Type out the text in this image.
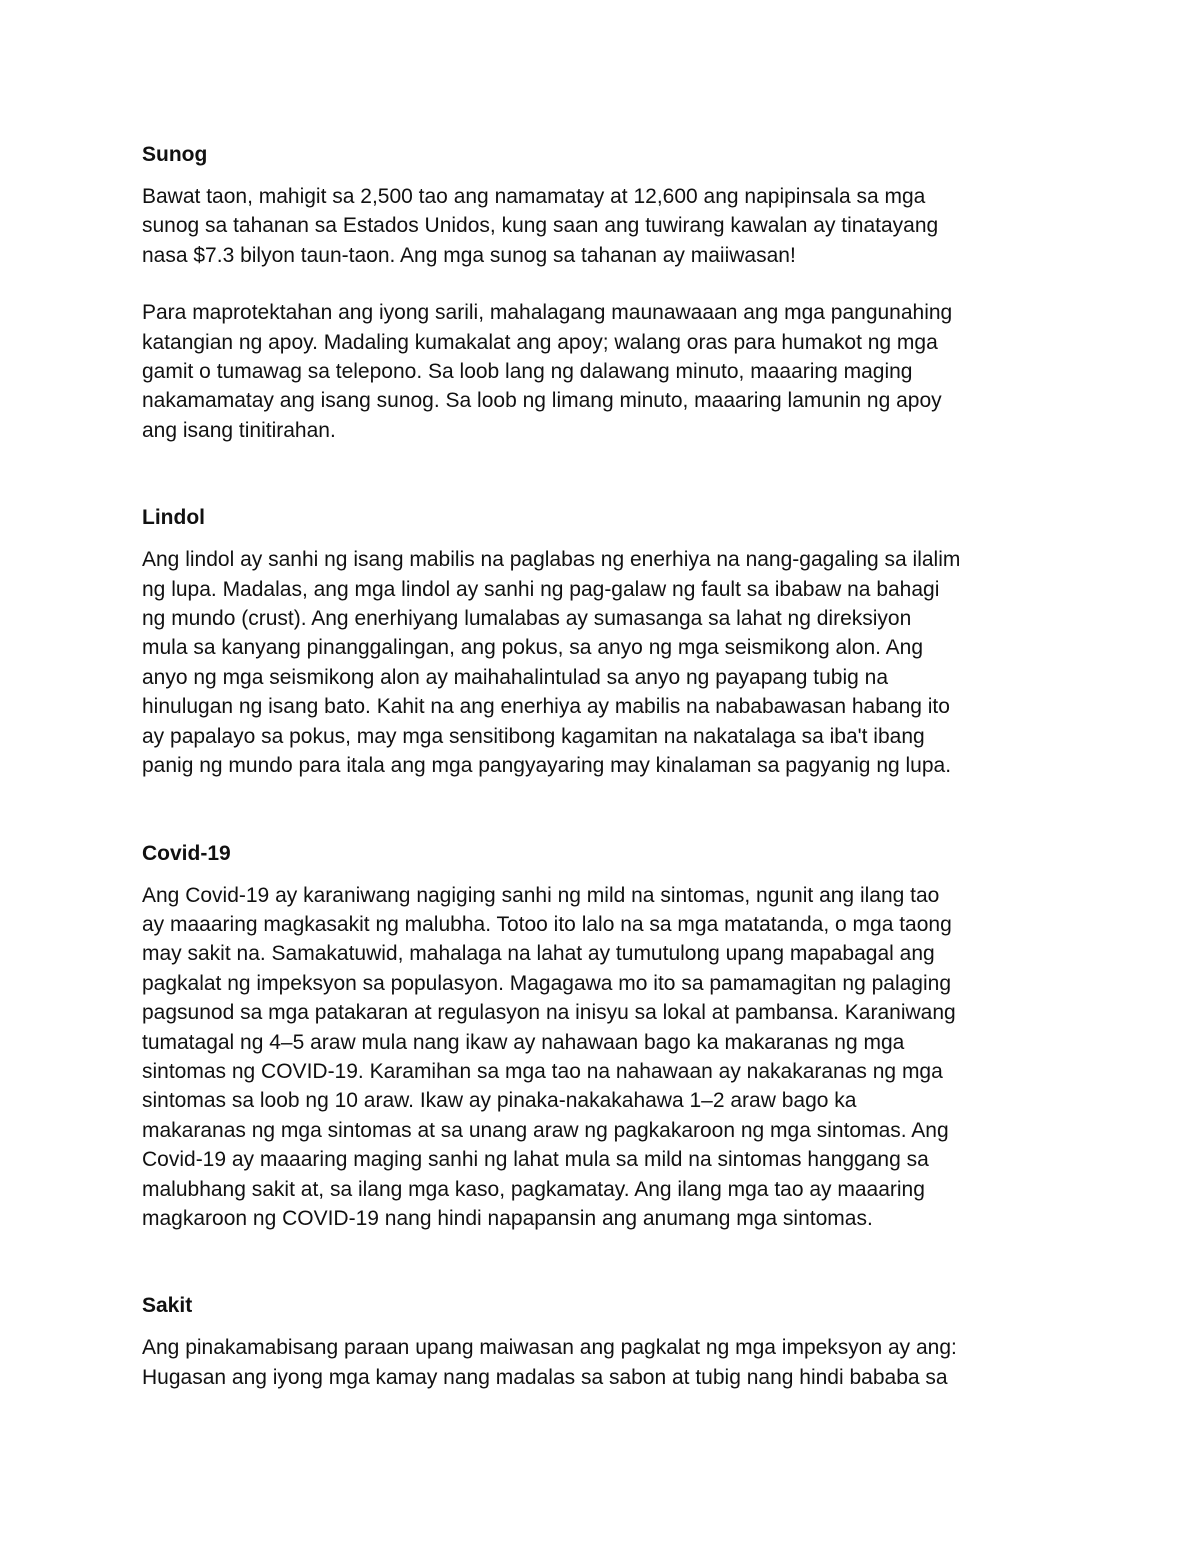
Sunog

Bawat taon, mahigit sa 2,500 tao ang namamatay at 12,600 ang napipinsala sa mga
sunog sa tahanan sa Estados Unidos, kung saan ang tuwirang kawalan ay tinatayang
nasa $7.3 bilyon taun-taon. Ang mga sunog sa tahanan ay maiiwasan!

Para maprotektahan ang iyong sarili, mahalagang maunawaaan ang mga pangunahing
katangian ng apoy. Madaling kumakalat ang apoy; walang oras para humakot ng mga
gamit o tumawag sa telepono. Sa loob lang ng dalawang minuto, maaaring maging
nakamamatay ang isang sunog. Sa loob ng limang minuto, maaaring lamunin ng apoy
ang isang tinitirahan.

Lindol

Ang lindol ay sanhi ng isang mabilis na paglabas ng enerhiya na nang-gagaling sa ilalim
ng lupa. Madalas, ang mga lindol ay sanhi ng pag-galaw ng fault sa ibabaw na bahagi
ng mundo (crust). Ang enerhiyang lumalabas ay sumasanga sa lahat ng direksiyon
mula sa kanyang pinanggalingan, ang pokus, sa anyo ng mga seismikong alon. Ang
anyo ng mga seismikong alon ay maihahalintulad sa anyo ng payapang tubig na
hinulugan ng isang bato. Kahit na ang enerhiya ay mabilis na nababawasan habang ito
ay papalayo sa pokus, may mga sensitibong kagamitan na nakatalaga sa iba't ibang
panig ng mundo para itala ang mga pangyayaring may kinalaman sa pagyanig ng lupa.

Covid-19

Ang Covid-19 ay karaniwang nagiging sanhi ng mild na sintomas, ngunit ang ilang tao
ay maaaring magkasakit ng malubha. Totoo ito lalo na sa mga matatanda, o mga taong
may sakit na. Samakatuwid, mahalaga na lahat ay tumutulong upang mapabagal ang
pagkalat ng impeksyon sa populasyon. Magagawa mo ito sa pamamagitan ng palaging
pagsunod sa mga patakaran at regulasyon na inisyu sa lokal at pambansa. Karaniwang
tumatagal ng 4–5 araw mula nang ikaw ay nahawaan bago ka makaranas ng mga
sintomas ng COVID-19. Karamihan sa mga tao na nahawaan ay nakakaranas ng mga
sintomas sa loob ng 10 araw. Ikaw ay pinaka-nakakahawa 1–2 araw bago ka
makaranas ng mga sintomas at sa unang araw ng pagkakaroon ng mga sintomas. Ang
Covid-19 ay maaaring maging sanhi ng lahat mula sa mild na sintomas hanggang sa
malubhang sakit at, sa ilang mga kaso, pagkamatay. Ang ilang mga tao ay maaaring
magkaroon ng COVID-19 nang hindi napapansin ang anumang mga sintomas.

Sakit

Ang pinakamabisang paraan upang maiwasan ang pagkalat ng mga impeksyon ay ang:
Hugasan ang iyong mga kamay nang madalas sa sabon at tubig nang hindi bababa sa
